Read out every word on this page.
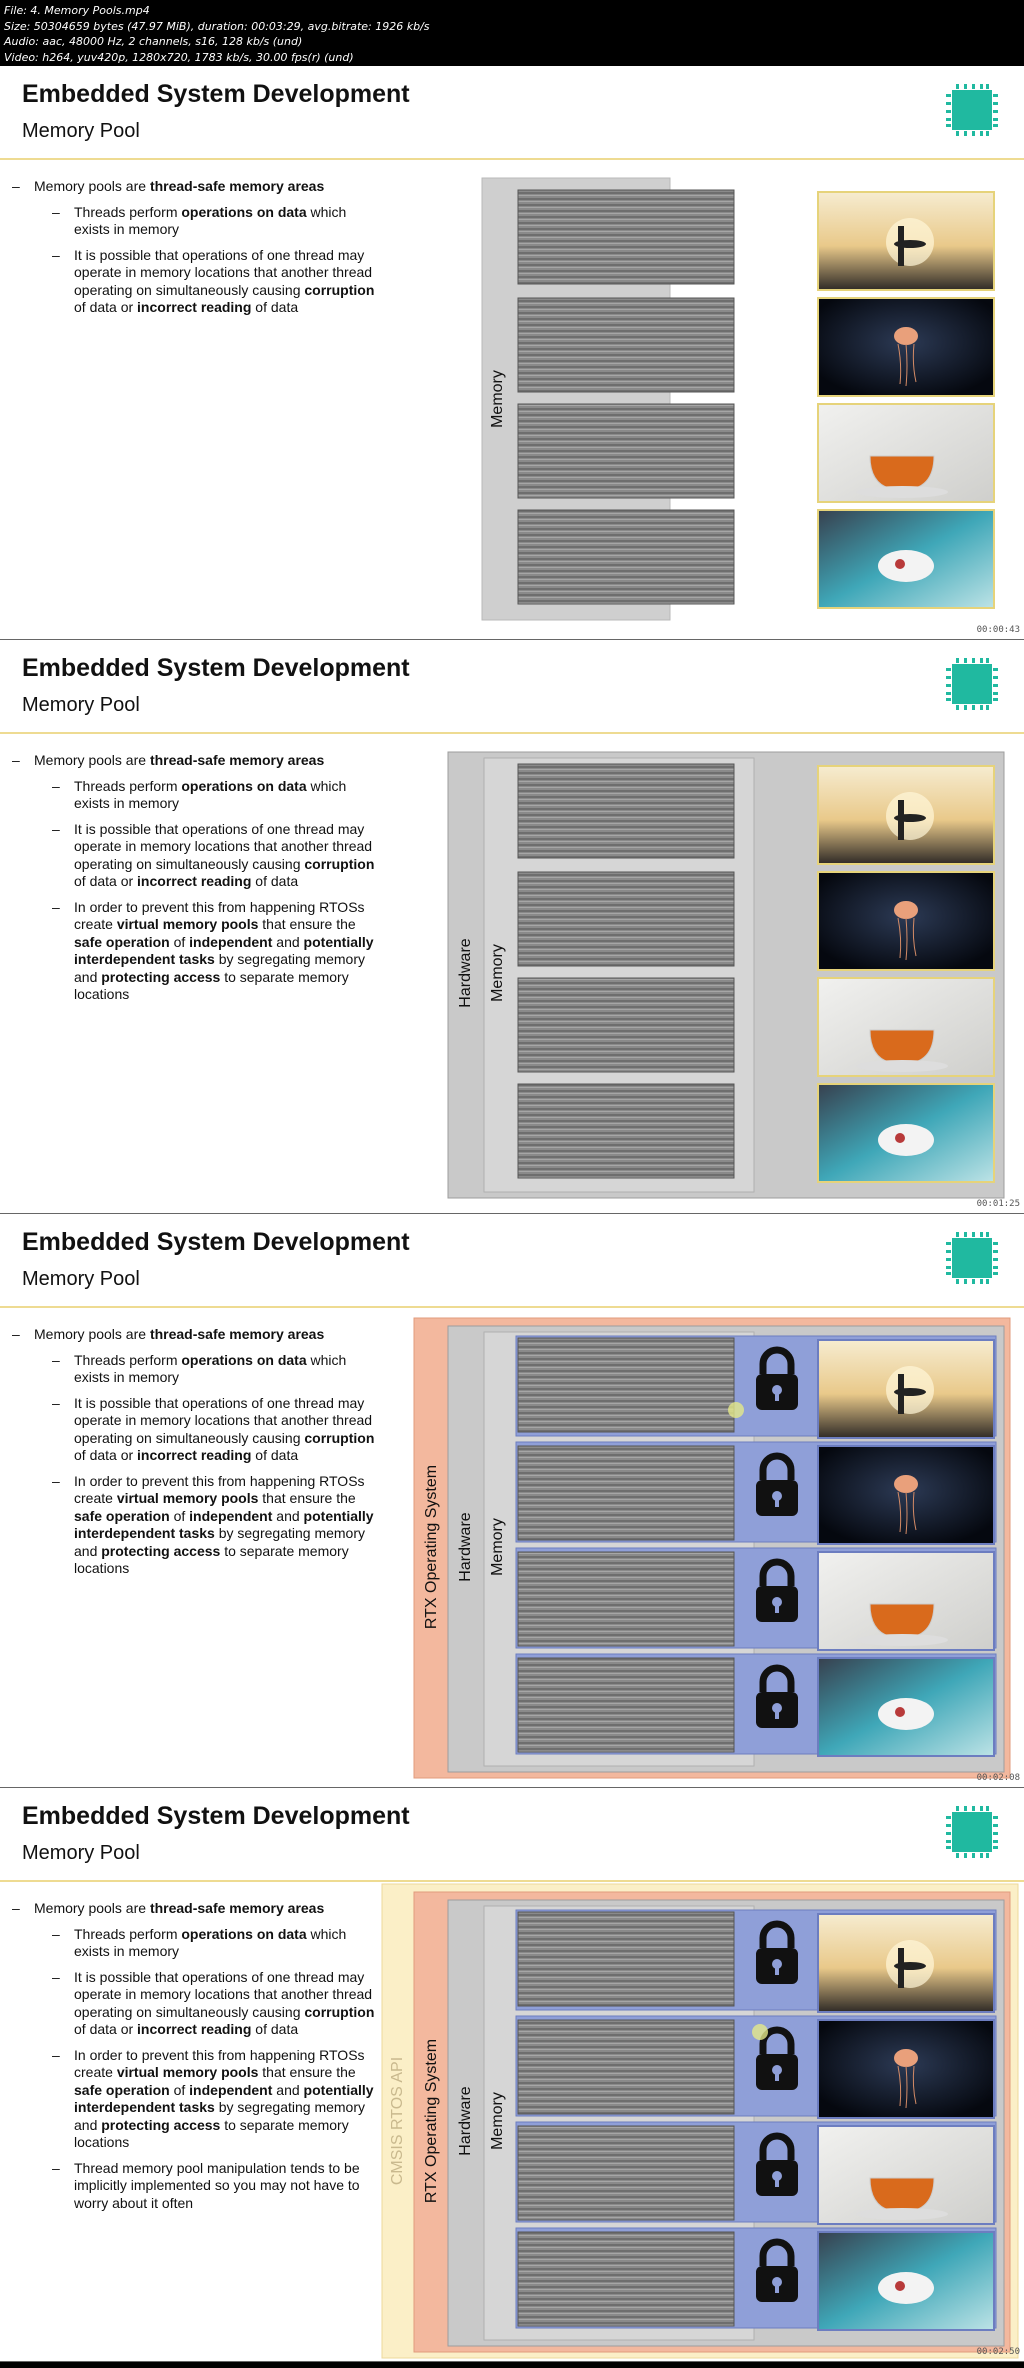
File: 4. Memory Pools.mp4
Size: 50304659 bytes (47.97 MiB), duration: 00:03:29, avg.bitrate: 1926 kb/s
Audio: aac, 48000 Hz, 2 channels, s16, 128 kb/s (und)
Video: h264, yuv420p, 1280x720, 1783 kb/s, 30.00 fps(r) (und)
Embedded System Development
Memory Pool
– Memory pools are thread-safe memory areas
– Threads perform operations on data which exists in memory
– It is possible that operations of one thread may operate in memory locations that another thread operating on simultaneously causing corruption of data or incorrect reading of data
Memory
00:00:43
Embedded System Development
Memory Pool
– Memory pools are thread-safe memory areas
– Threads perform operations on data which exists in memory
– It is possible that operations of one thread may operate in memory locations that another thread operating on simultaneously causing corruption of data or incorrect reading of data
– In order to prevent this from happening RTOSs create virtual memory pools that ensure the safe operation of independent and potentially interdependent tasks by segregating memory and protecting access to separate memory locations	Hardware Memory
00:01:25
Embedded System Development
Memory Pool
– Memory pools are thread-safe memory areas
– Threads perform operations on data which exists in memory
– It is possible that operations of one thread may operate in memory locations that another thread operating on simultaneously causing corruption of data or incorrect reading of data
– In order to prevent this from happening RTOSs create virtual memory pools that ensure the safe operation of independent and potentially interdependent tasks by segregating memory and protecting access to separate memory locations	RTX Operating System Hardware Memory
00:02:08
Embedded System Development
Memory Pool
– Memory pools are thread-safe memory areas
– Threads perform operations on data which exists in memory
– It is possible that operations of one thread may operate in memory locations that another thread operating on simultaneously causing corruption of data or incorrect reading of data
– In order to prevent this from happening RTOSs create virtual memory pools that ensure the safe operation of independent and potentially interdependent tasks by segregating memory and protecting access to separate memory locations
– Thread memory pool manipulation tends to be implicitly implemented so you may not have to worry about it often
CMSIS RTOS API RTX Operating System Hardware Memory
00:02:50
